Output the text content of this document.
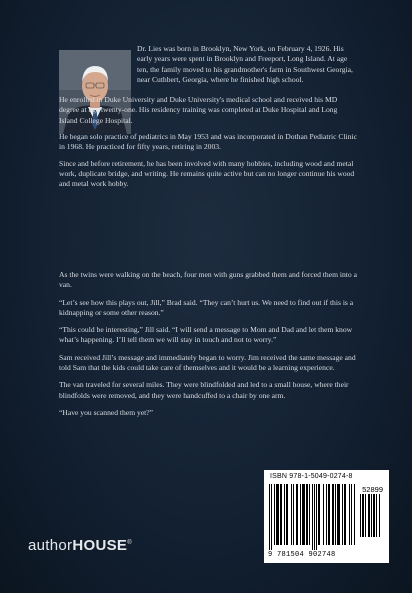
Dr. Lies was born in Brooklyn, New York, on February 4, 1926. His early years were spent in Brooklyn and Freeport, Long Island. At age ten, the family moved to his grandmother's farm in Southwest Georgia, near Cuthbert, Georgia, where he finished high school.

He enrolled in Duke University and Duke University's medical school and received his MD degree at age twenty-one. His residency training was completed at Duke Hospital and Long Island College Hospital.

He began solo practice of pediatrics in May 1953 and was incorporated in Dothan Pediatric Clinic in 1968. He practiced for fifty years, retiring in 2003.

Since and before retirement, he has been involved with many hobbies, including wood and metal work, duplicate bridge, and writing. He remains quite active but can no longer continue his wood and metal work hobby.

As the twins were walking on the beach, four men with guns grabbed them and forced them into a van.

“Let’s see how this plays out, Jill,” Brad said. “They can’t hurt us. We need to find out if this is a kidnapping or some other reason.”

“This could be interesting,” Jill said. “I will send a message to Mom and Dad and let them know what’s happening. I’ll tell them we will stay in touch and not to worry.”

Sam received Jill’s message and immediately began to worry. Jim received the same message and told Sam that the kids could take care of themselves and it would be a learning experience.

The van traveled for several miles. They were blindfolded and led to a small house, where their blindfolds were removed, and they were handcuffed to a chair by one arm.

“Have you scanned them yet?”

authorHOUSE®
ISBN 978-1-5049-0274-8
52899
9 781504 902748
